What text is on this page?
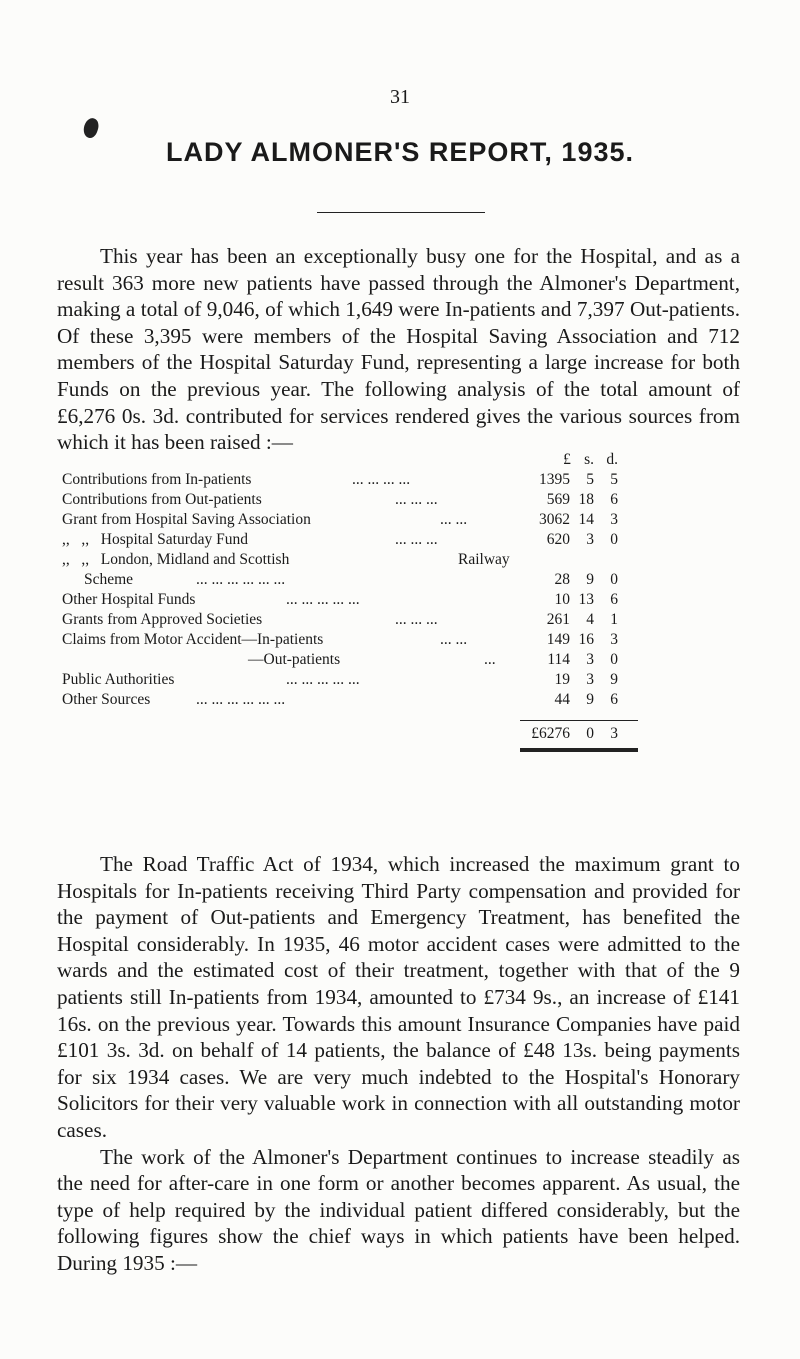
31
LADY ALMONER'S REPORT, 1935.

This year has been an exceptionally busy one for the Hospital, and as a result 363 more new patients have passed through the Almoner's Department, making a total of 9,046, of which 1,649 were In-patients and 7,397 Out-patients. Of these 3,395 were members of the Hospital Saving Association and 712 members of the Hospital Saturday Fund, representing a large increase for both Funds on the previous year. The following analysis of the total amount of £6,276 0s. 3d. contributed for services rendered gives the various sources from which it has been raised :—

£ s. d.
Contributions from In-patients	... ... ... ...	1395	5	5
Contributions from Out-patients	... ... ...	569 18	6
Grant from Hospital Saving Association	... ...	3062 14	3
,,   ,,   Hospital Saturday Fund	... ... ...	620	3	0
,,   ,,   London, Midland and Scottish	Railway
Scheme	... ... ... ... ... ...	28	9	0
Other Hospital Funds	... ... ... ... ...	10 13	6
Grants from Approved Societies	... ... ...	261	4	1
Claims from Motor Accident—In-patients	... ...	149 16	3
—Out-patients	...	114	3	0
Public Authorities	... ... ... ... ...	19	3	9
Other Sources	... ... ... ... ... ...	44	9	6
£6276	0	3

The Road Traffic Act of 1934, which increased the maximum grant to Hospitals for In-patients receiving Third Party compensation and provided for the payment of Out-patients and Emergency Treatment, has benefited the Hospital considerably. In 1935, 46 motor accident cases were admitted to the wards and the estimated cost of their treatment, together with that of the 9 patients still In-patients from 1934, amounted to £734 9s., an increase of £141 16s. on the previous year. Towards this amount Insurance Companies have paid £101 3s. 3d. on behalf of 14 patients, the balance of £48 13s. being payments for six 1934 cases. We are very much indebted to the Hospital's Honorary Solicitors for their very valuable work in connection with all outstanding motor cases.

The work of the Almoner's Department continues to increase steadily as the need for after-care in one form or another becomes apparent. As usual, the type of help required by the individual patient differed considerably, but the following figures show the chief ways in which patients have been helped. During 1935 :—
